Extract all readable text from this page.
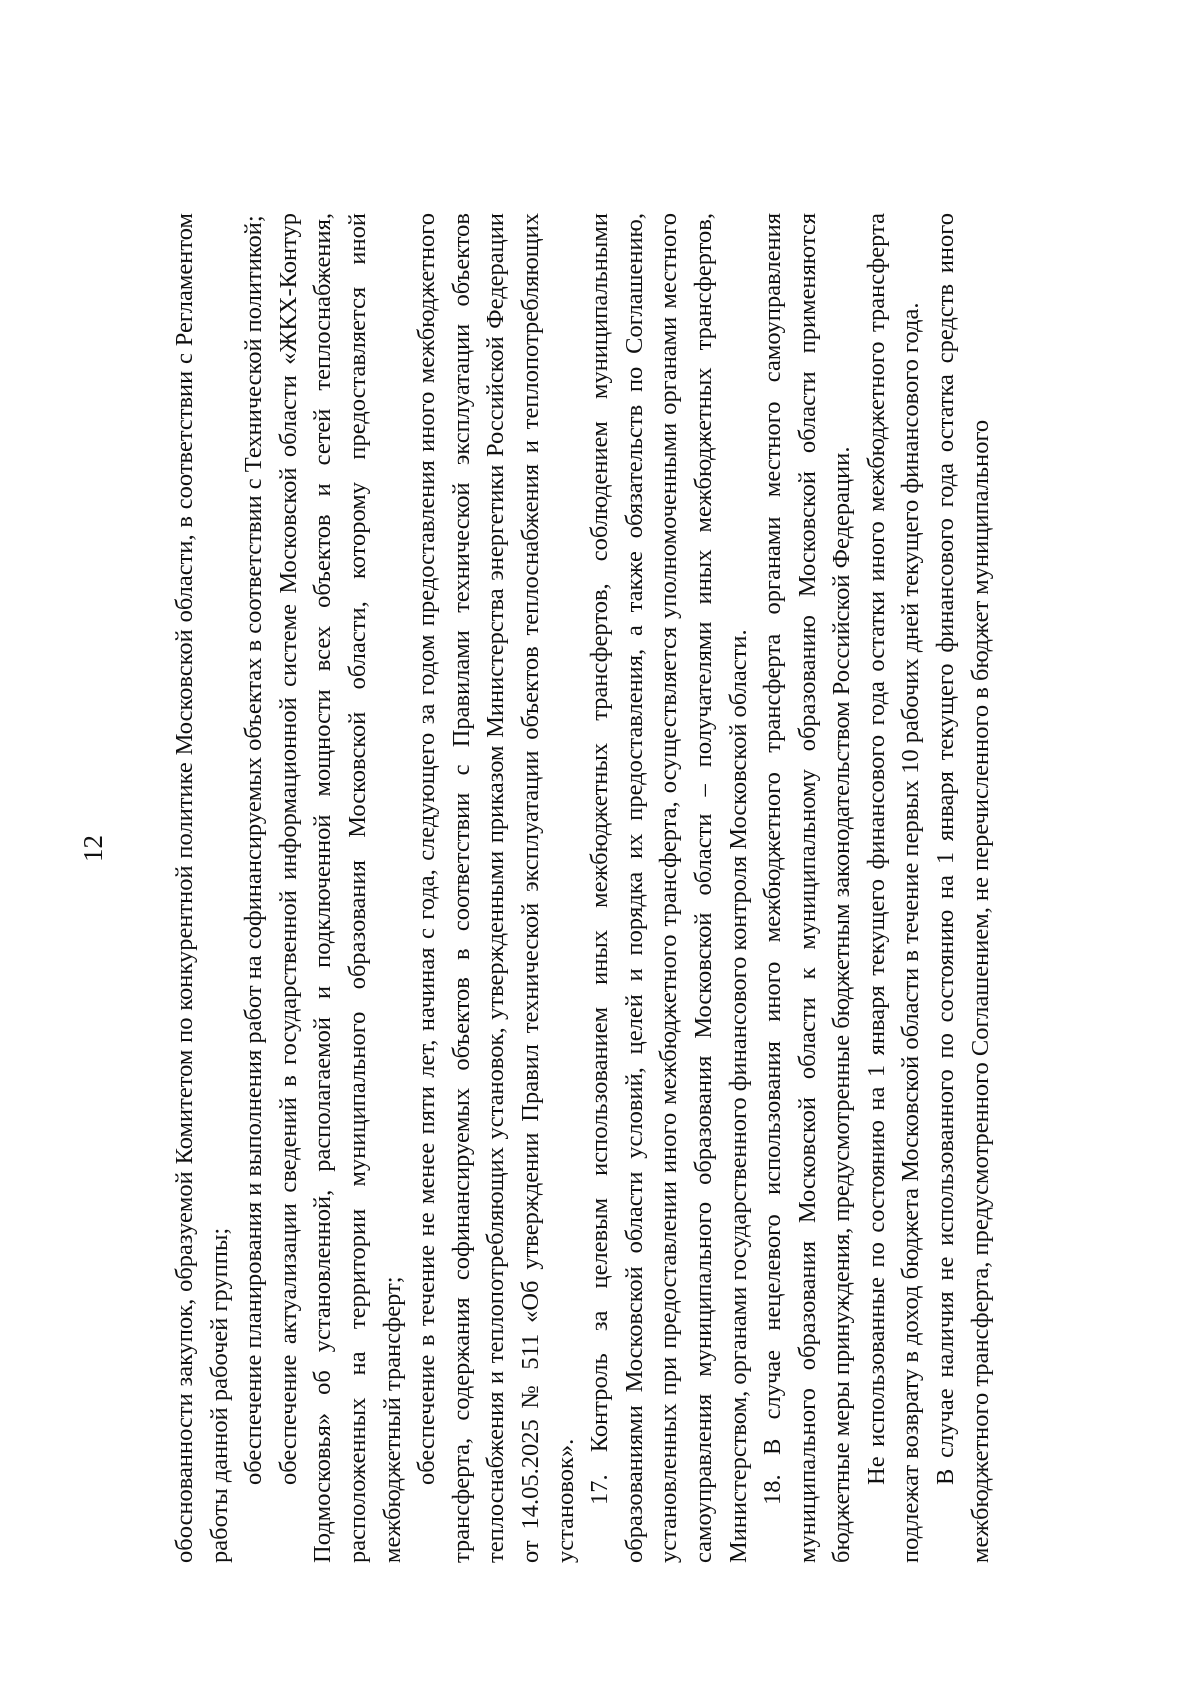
12	обоснованности закупок, образуемой Комитетом по конкурентной политике Московской области, в соответствии с Регламентом работы данной рабочей группы; обеспечение планирования и выполнения работ на софинансируемых объектах в соответствии с Технической политикой; обеспечение актуализации сведений в государственной информационной системе Московской области «ЖКХ-Контур Подмосковья» об установленной, располагаемой и подключенной мощности всех объектов и сетей теплоснабжения, расположенных на территории муниципального образования Московской области, которому предоставляется иной межбюджетный трансферт; обеспечение в течение не менее пяти лет, начиная с года, следующего за годом предоставления иного межбюджетного трансферта, содержания софинансируемых объектов в соответствии с Правилами технической эксплуатации объектов теплоснабжения и теплопотребляющих установок, утвержденными приказом Министерства энергетики Российской Федерации от 14.05.2025 № 511 «Об утверждении Правил технической эксплуатации объектов теплоснабжения и теплопотребляющих установок». 17. Контроль за целевым использованием иных межбюджетных трансфертов, соблюдением муниципальными образованиями Московской области условий, целей и порядка их предоставления, а также обязательств по Соглашению, установленных при предоставлении иного межбюджетного трансферта, осуществляется уполномоченными органами местного самоуправления муниципального образования Московской области – получателями иных межбюджетных трансфертов, Министерством, органами государственного финансового контроля Московской области. 18. В случае нецелевого использования иного межбюджетного трансферта органами местного самоуправления муниципального образования Московской области к муниципальному образованию Московской области применяются бюджетные меры принуждения, предусмотренные бюджетным законодательством Российской Федерации. Не использованные по состоянию на 1 января текущего финансового года остатки иного межбюджетного трансферта подлежат возврату в доход бюджета Московской области в течение первых 10 рабочих дней текущего финансового года. В случае наличия не использованного по состоянию на 1 января текущего финансового года остатка средств иного межбюджетного трансферта, предусмотренного Соглашением, не перечисленного в бюджет муниципального
